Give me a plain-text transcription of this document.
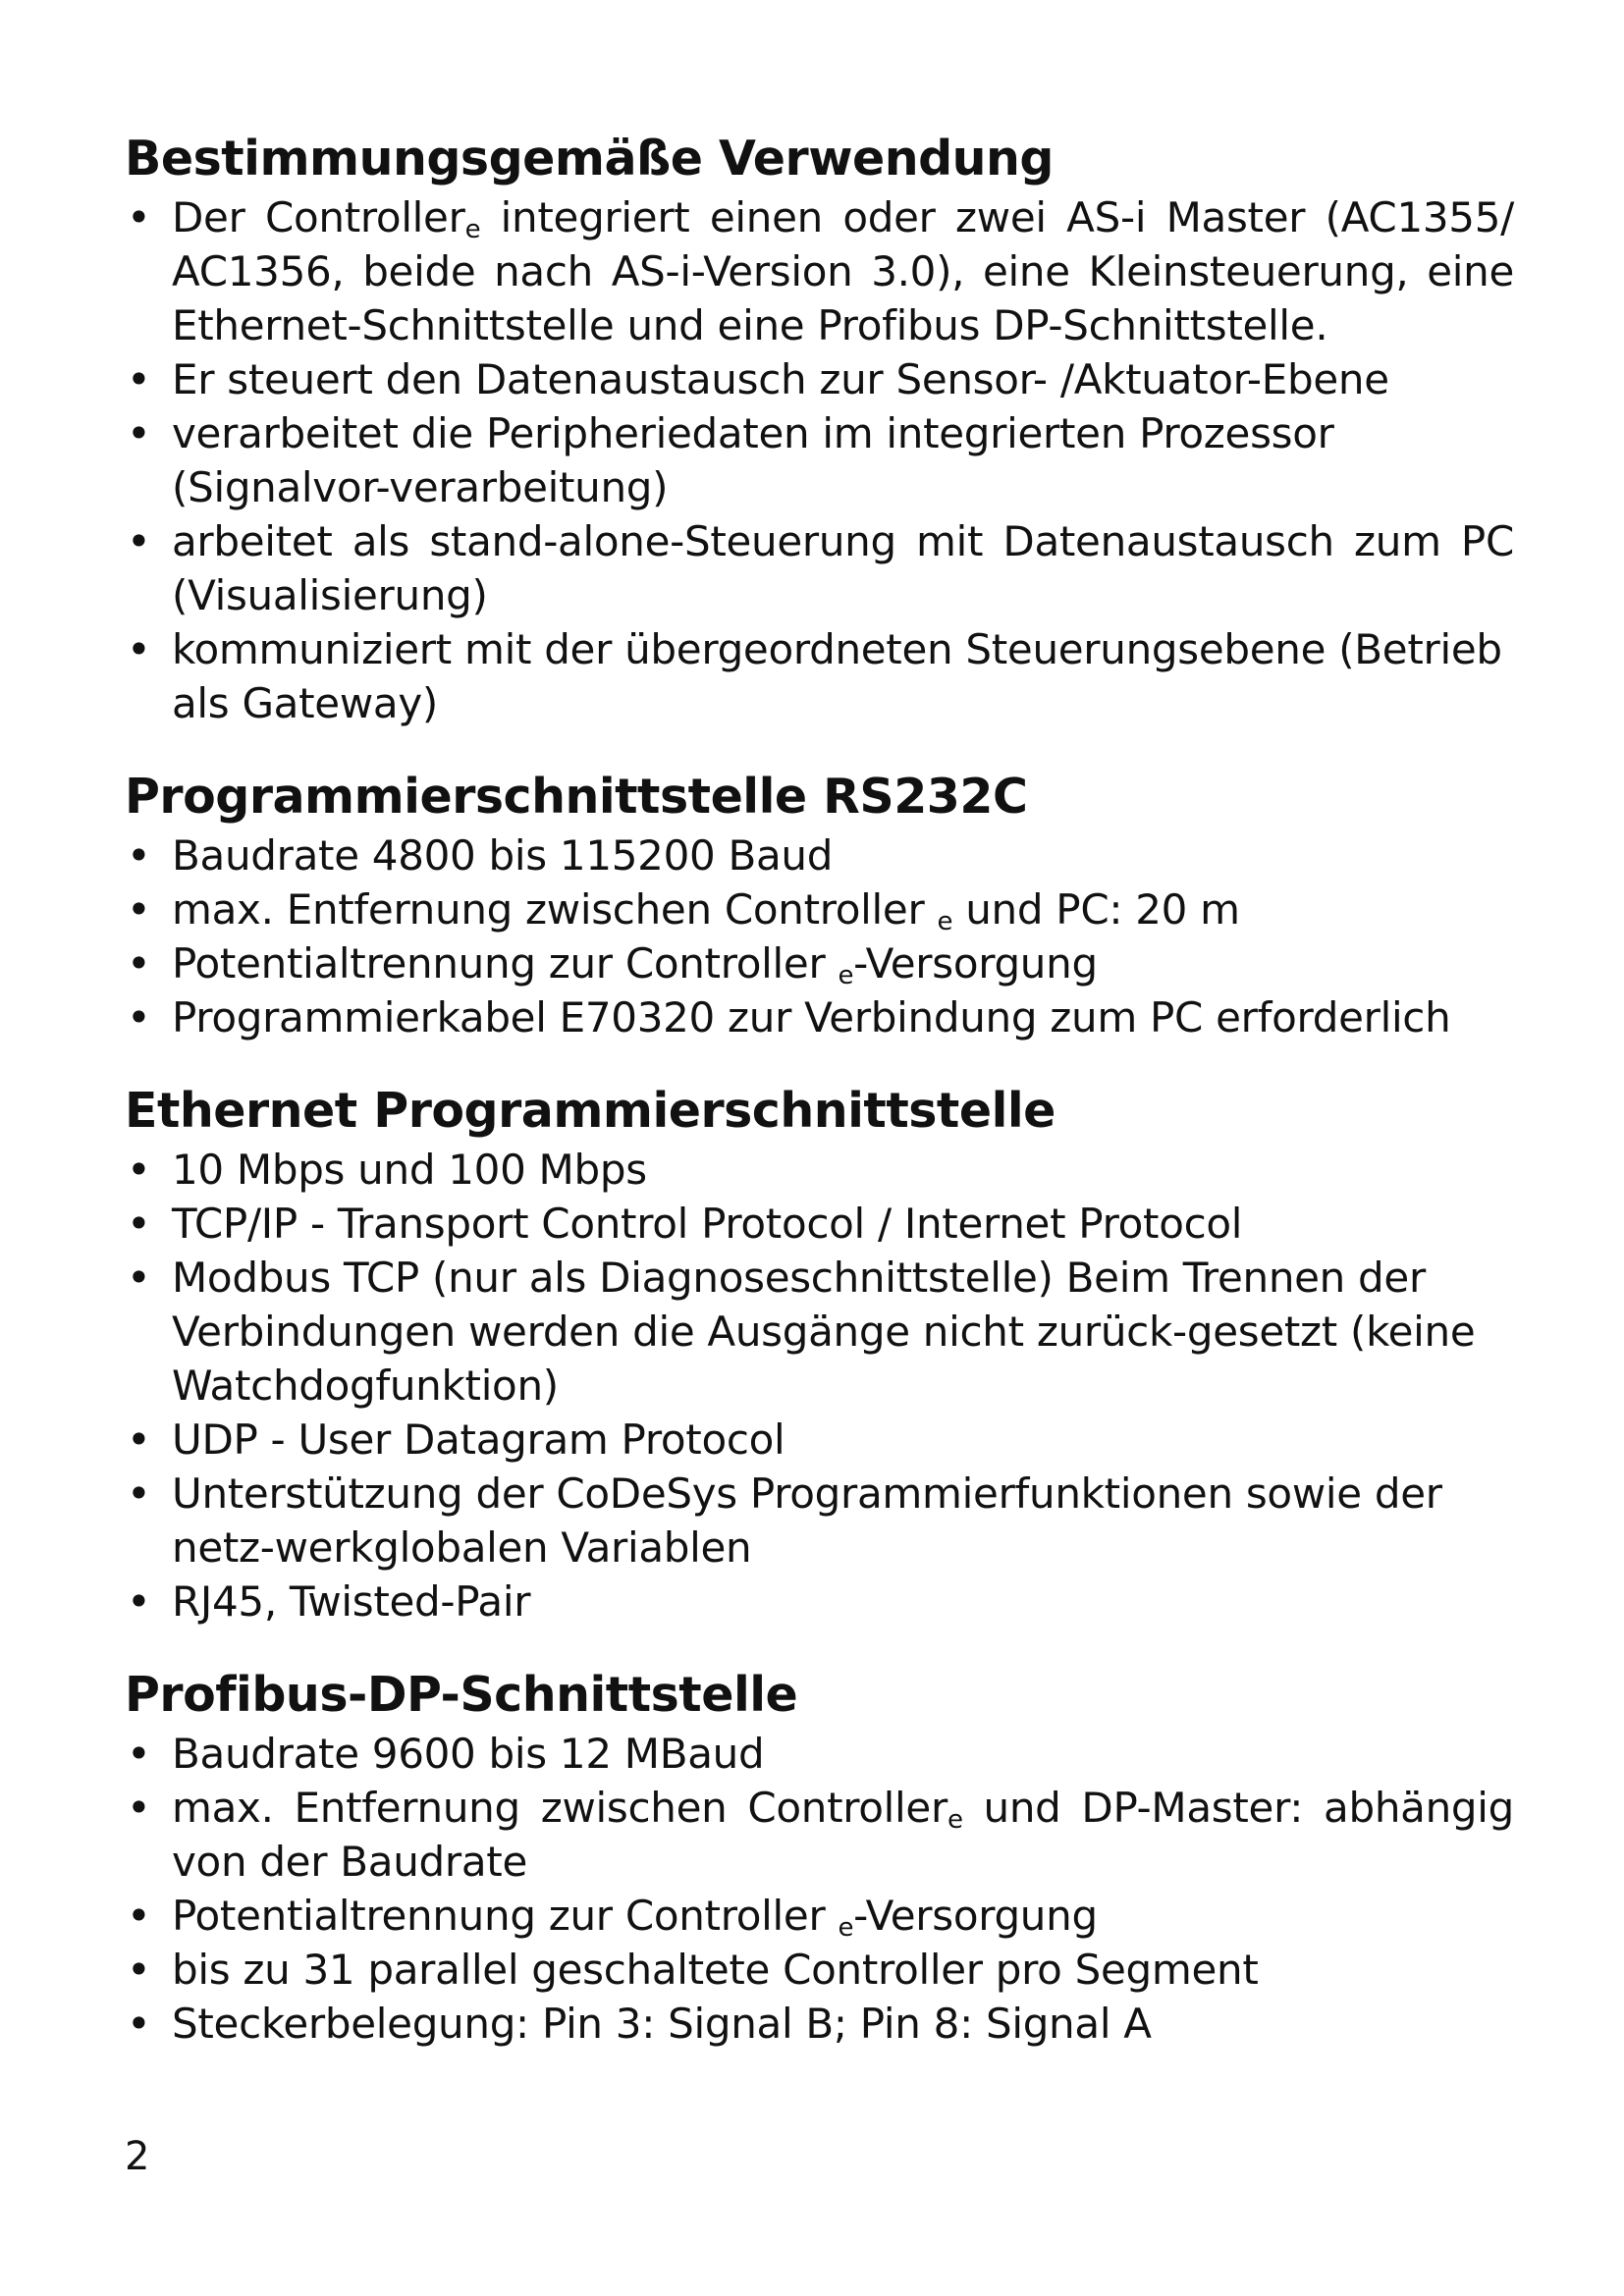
Bestimmungsgemäße Verwendung
• Der Controller$_e$ integriert einen oder zwei AS-i Master (AC1355/ AC1356, beide nach AS-i-Version 3.0), eine Kleinsteuerung, eine Ethernet-Schnittstelle und eine Profibus DP-Schnittstelle.
• Er steuert den Datenaustausch zur Sensor- /Aktuator-Ebene
• verarbeitet die Peripheriedaten im integrierten Prozessor (Signalvor-verarbeitung)
• arbeitet als stand-alone-Steuerung mit Datenaustausch zum PC (Visualisierung)
• kommuniziert mit der übergeordneten Steuerungsebene (Betrieb als Gateway)
Programmierschnittstelle RS232C
• Baudrate 4800 bis 115200 Baud
• max. Entfernung zwischen Controller $_e$ und PC: 20 m
• Potentialtrennung zur Controller $_e$-Versorgung
• Programmierkabel E70320 zur Verbindung zum PC erforderlich
Ethernet Programmierschnittstelle
• 10 Mbps und 100 Mbps
• TCP/IP - Transport Control Protocol / Internet Protocol
• Modbus TCP (nur als Diagnoseschnittstelle) Beim Trennen der Verbindungen werden die Ausgänge nicht zurück-gesetzt (keine Watchdogfunktion)
• UDP - User Datagram Protocol
• Unterstützung der CoDeSys Programmierfunktionen sowie der netz-werkglobalen Variablen
• RJ45, Twisted-Pair
Profibus-DP-Schnittstelle
• Baudrate 9600 bis 12 MBaud
• max. Entfernung zwischen Controller$_e$ und DP-Master: abhängig von der Baudrate
• Potentialtrennung zur Controller $_e$-Versorgung
• bis zu 31 parallel geschaltete Controller pro Segment
• Steckerbelegung: Pin 3: Signal B; Pin 8: Signal A
2
